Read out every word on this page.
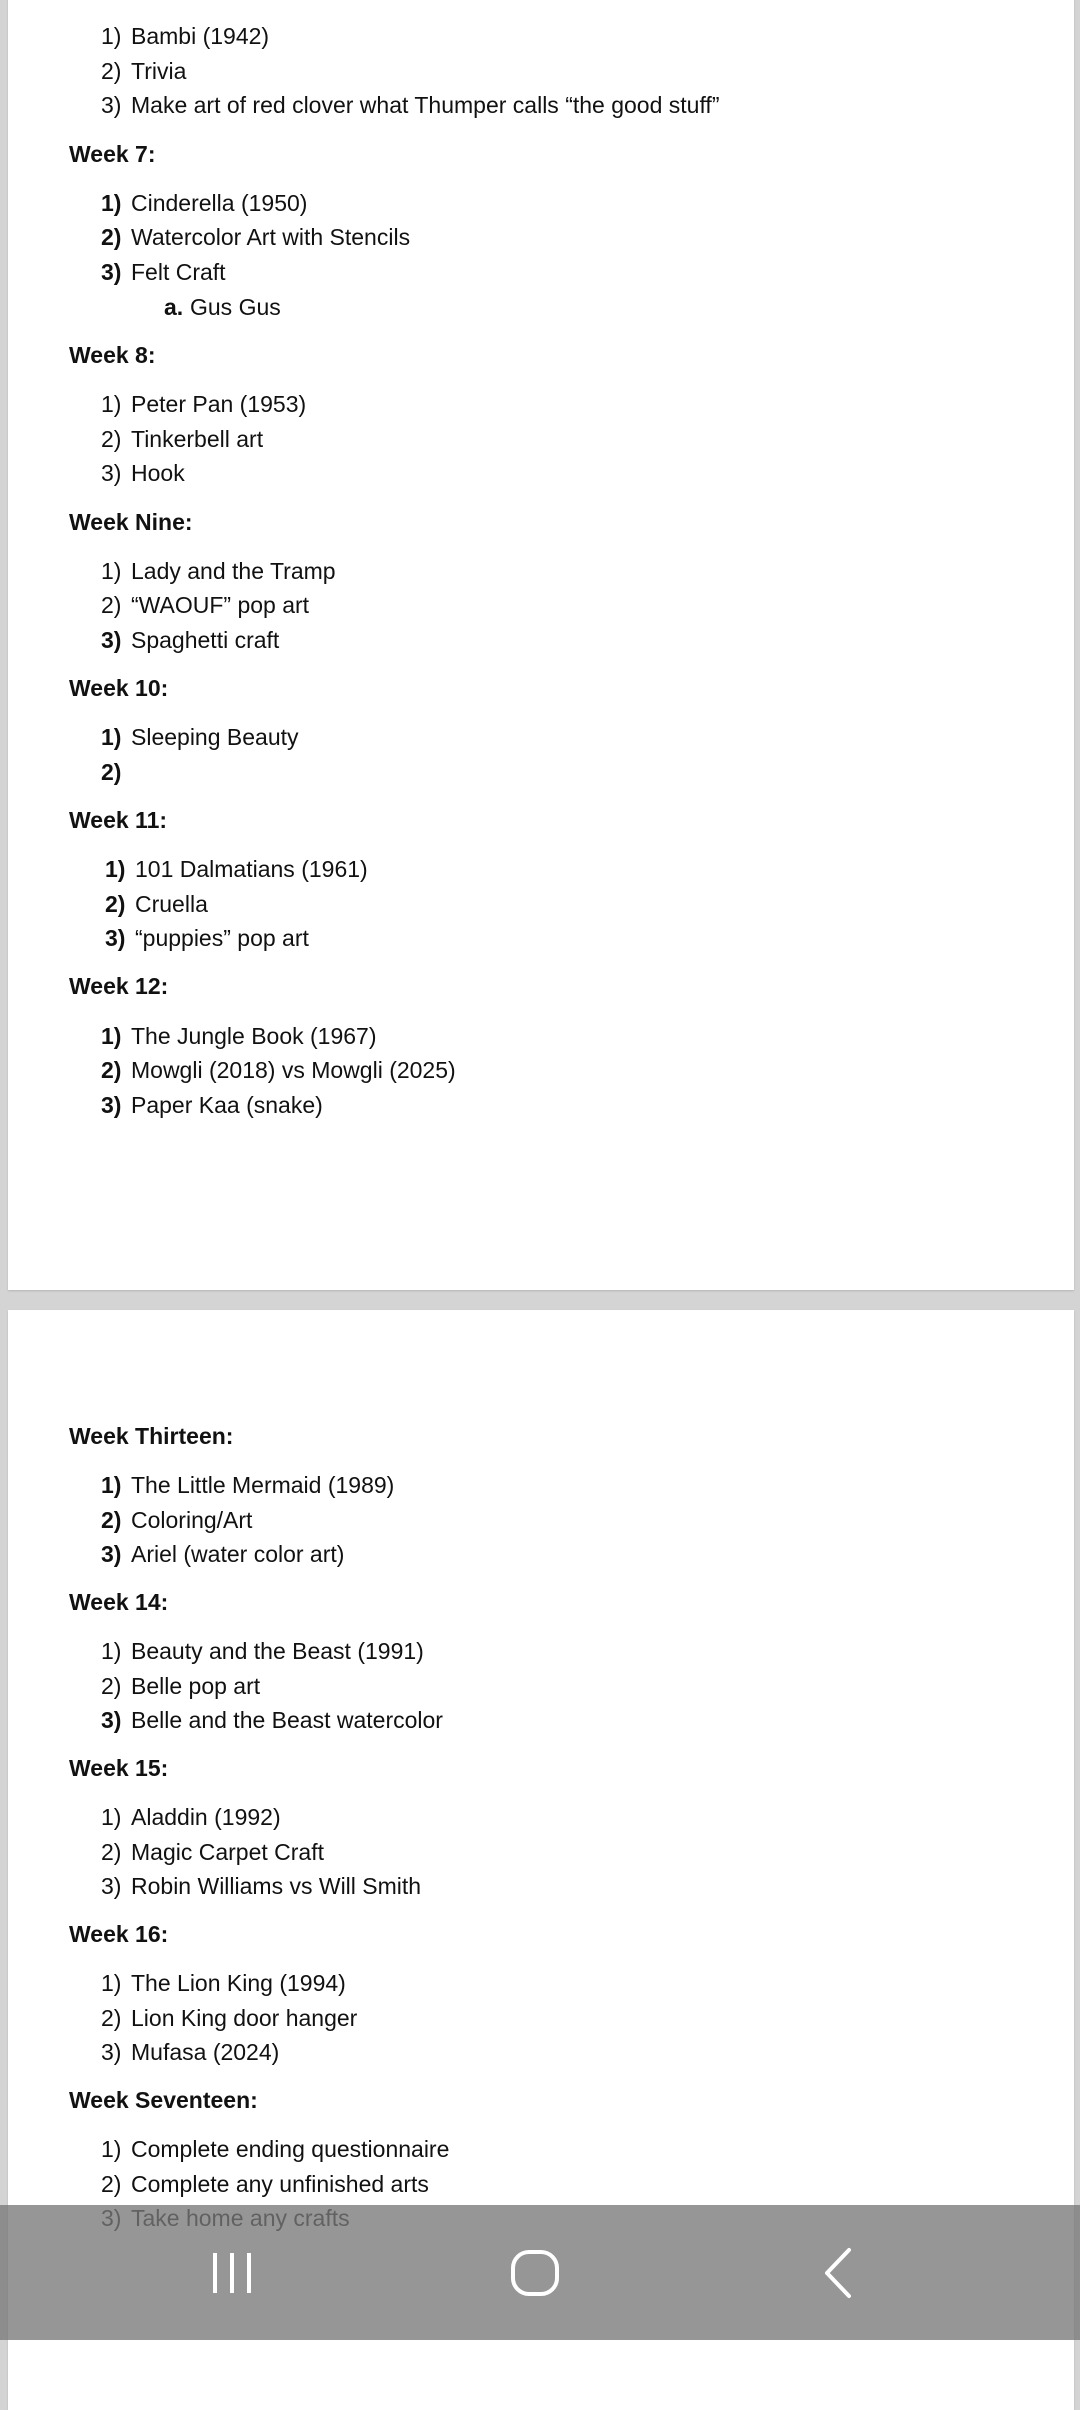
1) Bambi (1942)
2) Trivia
3) Make art of red clover what Thumper calls “the good stuff”
Week 7:
1) Cinderella (1950)
2) Watercolor Art with Stencils
3) Felt Craft
a. Gus Gus
Week 8:
1) Peter Pan (1953)
2) Tinkerbell art
3) Hook
Week Nine:
1) Lady and the Tramp
2) “WAOUF” pop art
3) Spaghetti craft
Week 10:
1) Sleeping Beauty
2)
Week 11:
1) 101 Dalmatians (1961)
2) Cruella
3) “puppies” pop art
Week 12:
1) The Jungle Book (1967)
2) Mowgli (2018) vs Mowgli (2025)
3) Paper Kaa (snake)
Week Thirteen:
1) The Little Mermaid (1989)
2) Coloring/Art
3) Ariel (water color art)
Week 14:
1) Beauty and the Beast (1991)
2) Belle pop art
3) Belle and the Beast watercolor
Week 15:
1) Aladdin (1992)
2) Magic Carpet Craft
3) Robin Williams vs Will Smith
Week 16:
1) The Lion King (1994)
2) Lion King door hanger
3) Mufasa (2024)
Week Seventeen:
1) Complete ending questionnaire
2) Complete any unfinished arts
